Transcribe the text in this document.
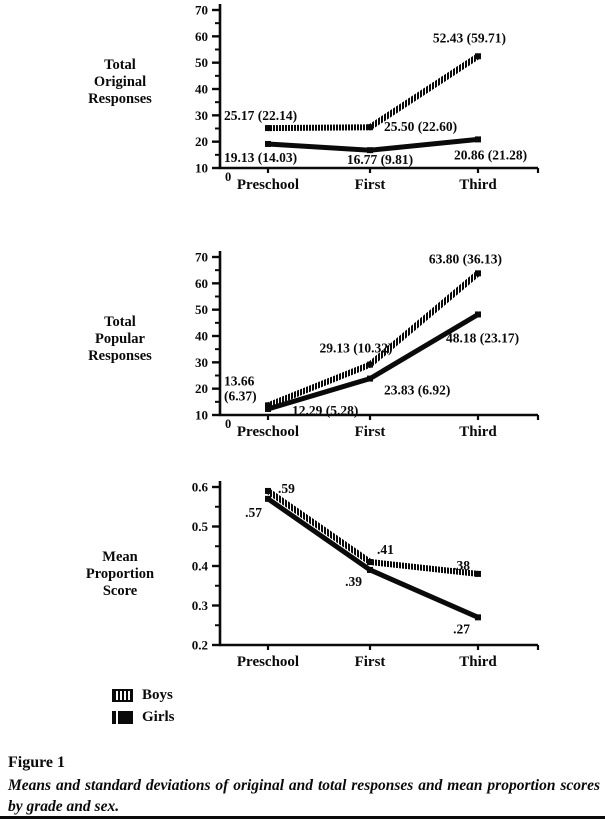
Total
Original
Responses
10
20
30
40
50
60
70
0 Preschool	First	Third
25.17 (22.14)
25.50 (22.60)
52.43 (59.71)
19.13 (14.03)	16.77 (9.81)	20.86 (21.28)
Total
Popular
Responses
10
20
30
40
50
60
70
0 Preschool	First	Third
13.66 (6.37)
29.13 (10.32)
63.80 (36.13)
12.29 (5.28)
23.83 (6.92)
48.18 (23.17)
Mean
Proportion
Score
0.2
0.3
0.4
0.5
0.6
Preschool	First	Third
.59
.41
.38
.57
.39
.27
Boys
Girls
Figure 1

Means and standard deviations of original and total responses and mean proportion scores by grade and sex.
